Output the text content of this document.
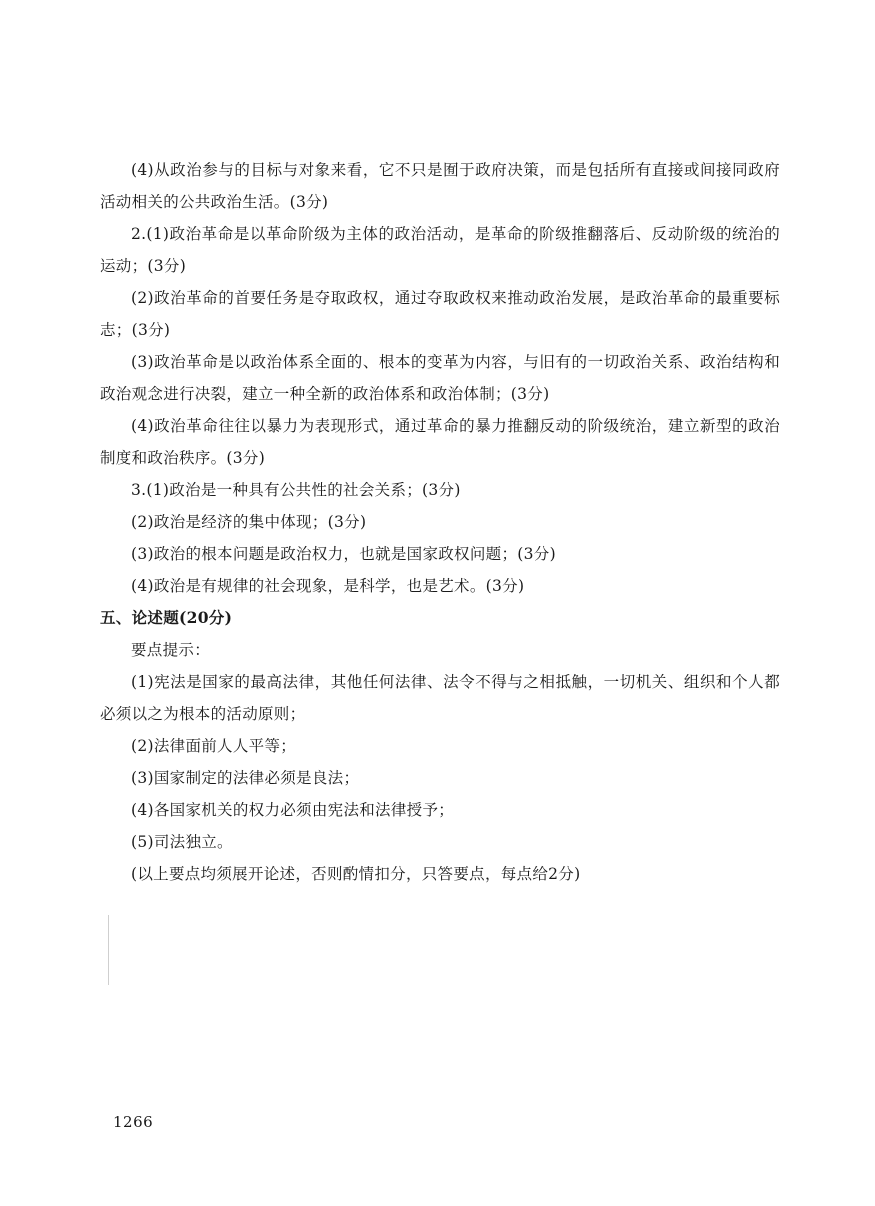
(4)从政治参与的目标与对象来看，它不只是囿于政府决策，而是包括所有直接或间接同政府活动相关的公共政治生活。(3分)

2.(1)政治革命是以革命阶级为主体的政治活动，是革命的阶级推翻落后、反动阶级的统治的运动；(3分)

(2)政治革命的首要任务是夺取政权，通过夺取政权来推动政治发展，是政治革命的最重要标志；(3分)

(3)政治革命是以政治体系全面的、根本的变革为内容，与旧有的一切政治关系、政治结构和政治观念进行决裂，建立一种全新的政治体系和政治体制；(3分)

(4)政治革命往往以暴力为表现形式，通过革命的暴力推翻反动的阶级统治，建立新型的政治制度和政治秩序。(3分)

3.(1)政治是一种具有公共性的社会关系；(3分)

(2)政治是经济的集中体现；(3分)

(3)政治的根本问题是政治权力，也就是国家政权问题；(3分)

(4)政治是有规律的社会现象，是科学，也是艺术。(3分)

五、论述题(20分)

要点提示：

(1)宪法是国家的最高法律，其他任何法律、法令不得与之相抵触，一切机关、组织和个人都必须以之为根本的活动原则；

(2)法律面前人人平等；

(3)国家制定的法律必须是良法；

(4)各国家机关的权力必须由宪法和法律授予；

(5)司法独立。

(以上要点均须展开论述，否则酌情扣分，只答要点，每点给2分)

1266
